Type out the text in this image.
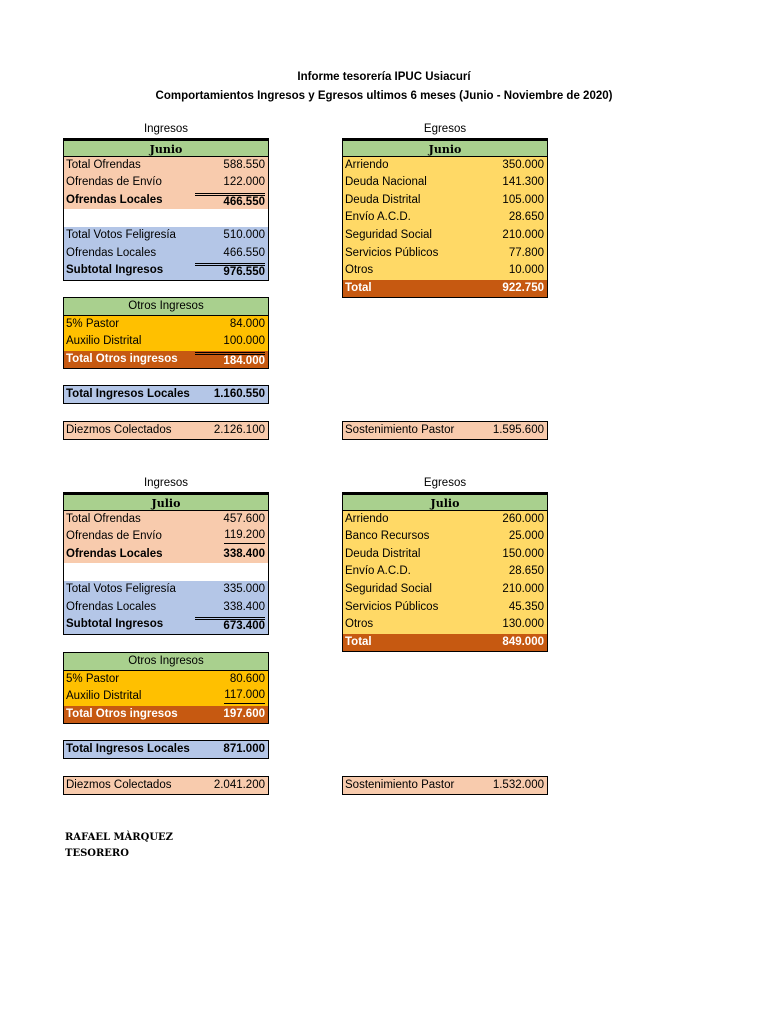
Informe tesorería IPUC Usiacurí
Comportamientos Ingresos y Egresos ultimos 6 meses (Junio - Noviembre de 2020)
Ingresos	Egresos
Junio
Total Ofrendas	588.550
Ofrendas de Envío	122.000
Ofrendas Locales	466.550
Total Votos Feligresía	510.000
Ofrendas Locales	466.550
Subtotal Ingresos	976.550
Junio
Arriendo	350.000
Deuda Nacional	141.300
Deuda Distrital	105.000
Envío A.C.D.	28.650
Seguridad Social	210.000
Servicios Públicos	77.800
Otros	10.000
Total	922.750
Otros Ingresos
5% Pastor	84.000
Auxilio Distrital	100.000
Total Otros ingresos	184.000
Total Ingresos Locales 1.160.550
Diezmos Colectados	2.126.100	Sostenimiento Pastor	1.595.600
Ingresos	Egresos
Julio
Total Ofrendas	457.600
Ofrendas de Envío	119.200
Ofrendas Locales	338.400
Total Votos Feligresía	335.000
Ofrendas Locales	338.400
Subtotal Ingresos	673.400
Julio
Arriendo	260.000
Banco Recursos	25.000
Deuda Distrital	150.000
Envío A.C.D.	28.650
Seguridad Social	210.000
Servicios Públicos	45.350
Otros	130.000
Total	849.000
Otros Ingresos
5% Pastor	80.600
Auxilio Distrital	117.000
Total Otros ingresos	197.600
Total Ingresos Locales	871.000
Diezmos Colectados	2.041.200	Sostenimiento Pastor	1.532.000
RAFAEL MÀRQUEZ
TESORERO
